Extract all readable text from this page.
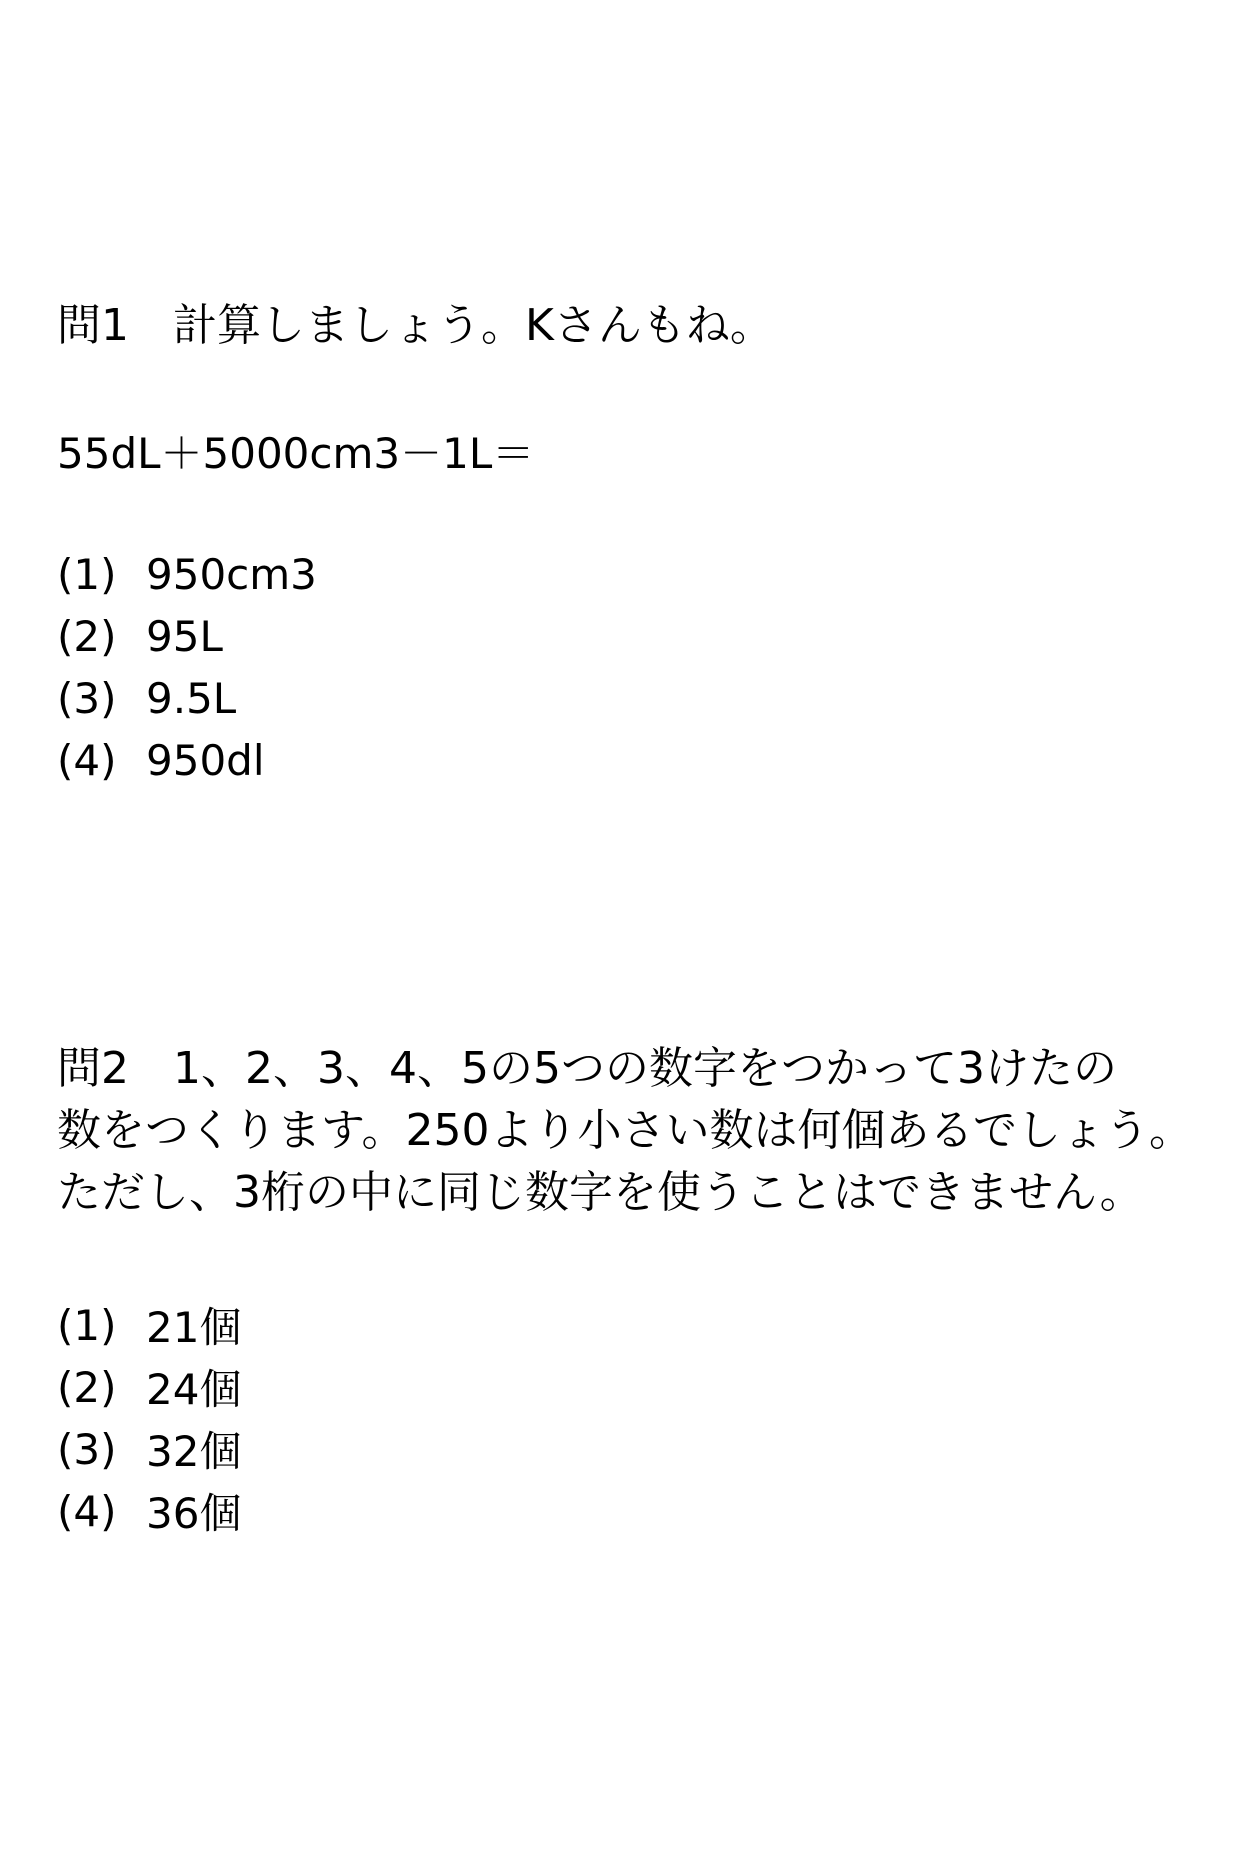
問1　計算しましょう。Kさんもね。
55dL＋5000cm3－1L＝
(1) 950cm3
(2) 95L
(3) 9.5L
(4) 950dl
問2　1、2、3、4、5の5つの数字をつかって3けたの
数をつくります。250より小さい数は何個あるでしょう。
ただし、3桁の中に同じ数字を使うことはできません。
(1) 21個
(2) 24個
(3) 32個
(4) 36個
